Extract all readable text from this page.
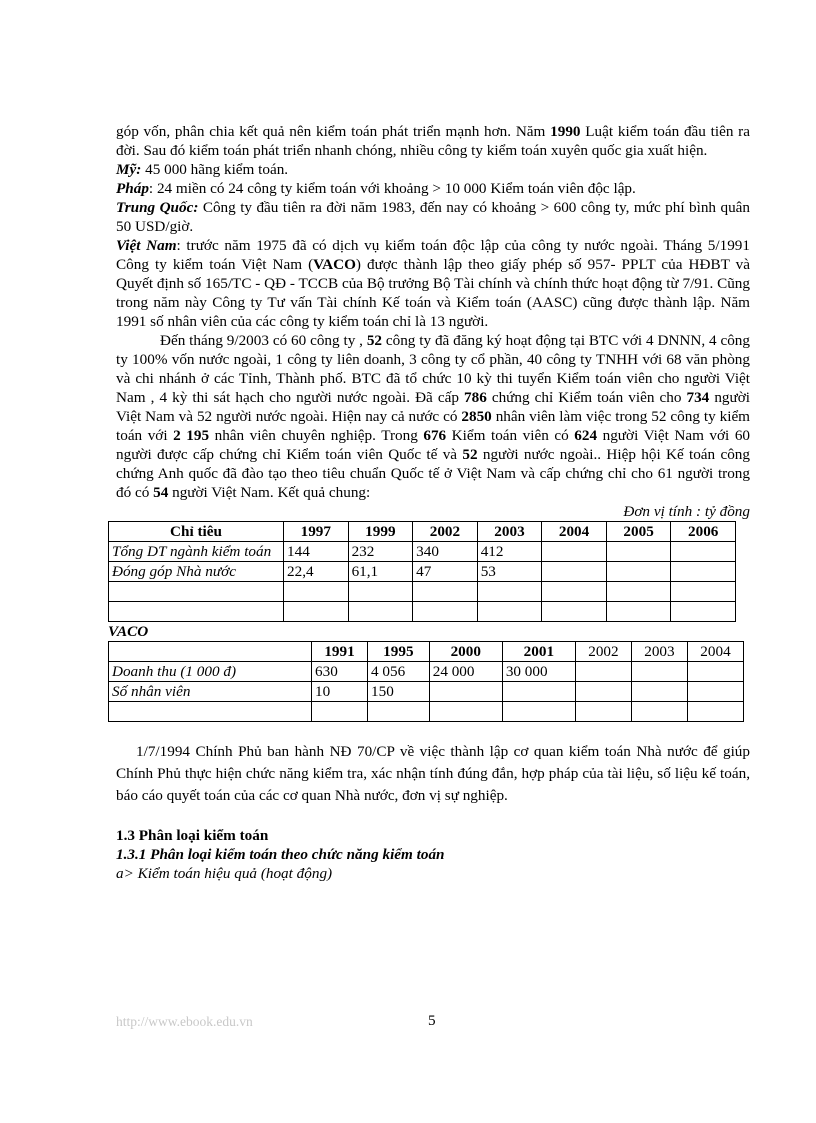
góp vốn, phân chia kết quả nên kiểm toán phát triển mạnh hơn. Năm 1990 Luật kiểm toán đầu tiên ra đời. Sau đó kiểm toán phát triển nhanh chóng, nhiều công ty kiểm toán xuyên quốc gia xuất hiện.

Mỹ: 45 000 hãng kiểm toán.

Pháp: 24 miền có 24 công ty kiểm toán với khoảng > 10 000 Kiểm toán viên độc lập.

Trung Quốc: Công ty đầu tiên ra đời năm 1983, đến nay có khoảng > 600 công ty, mức phí bình quân 50 USD/giờ.

Việt Nam: trước năm 1975 đã có dịch vụ kiểm toán độc lập của công ty nước ngoài. Tháng 5/1991 Công ty kiểm toán Việt Nam (VACO) được thành lập theo giấy phép số 957- PPLT của HĐBT và Quyết định số 165/TC - QĐ - TCCB của Bộ trưởng Bộ Tài chính và chính thức hoạt động từ 7/91. Cũng trong năm này Công ty Tư vấn Tài chính Kế toán và Kiểm toán (AASC) cũng được thành lập. Năm 1991 số nhân viên của các công ty kiểm toán chỉ là 13 người.

Đến tháng 9/2003 có 60 công ty , 52 công ty đã đăng ký hoạt động tại BTC với 4 DNNN, 4 công ty 100% vốn nước ngoài, 1 công ty liên doanh, 3 công ty cổ phần, 40 công ty TNHH với 68 văn phòng và chi nhánh ở các Tỉnh, Thành phố. BTC đã tổ chức 10 kỳ thi tuyển Kiểm toán viên cho người Việt Nam , 4 kỳ thi sát hạch cho người nước ngoài. Đã cấp 786 chứng chỉ Kiểm toán viên cho 734 người Việt Nam và 52 người nước ngoài. Hiện nay cả nước có 2850 nhân viên làm việc trong 52 công ty kiểm toán với 2 195 nhân viên chuyên nghiệp. Trong 676 Kiểm toán viên có 624 người Việt Nam với 60 người được cấp chứng chỉ Kiểm toán viên Quốc tế và 52 người nước ngoài.. Hiệp hội Kế toán công chứng Anh quốc đã đào tạo theo tiêu chuẩn Quốc tế ở Việt Nam và cấp chứng chỉ cho 61 người trong đó có 54 người Việt Nam. Kết quả chung:

Đơn vị tính : tỷ đồng

Chỉ tiêu	1997	1999	2002	2003	2004	2005	2006
Tổng DT ngành kiểm toán	144	232	340	412			
Đóng góp Nhà nước	22,4	61,1	47	53			

VACO

	1991	1995	2000	2001	2002	2003	2004
Doanh thu (1 000 đ)	630	4 056	24 000	30 000			
Số nhân viên	10	150					

1/7/1994 Chính Phủ ban hành NĐ 70/CP về việc thành lập cơ quan kiểm toán Nhà nước để giúp Chính Phủ thực hiện chức năng kiểm tra, xác nhận tính đúng đắn, hợp pháp của tài liệu, số liệu kế toán, báo cáo quyết toán của các cơ quan Nhà nước, đơn vị sự nghiệp.

1.3 Phân loại kiểm toán
1.3.1 Phân loại kiểm toán theo chức năng kiểm toán

a> Kiểm toán hiệu quả (hoạt động)

http://www.ebook.edu.vn	5
